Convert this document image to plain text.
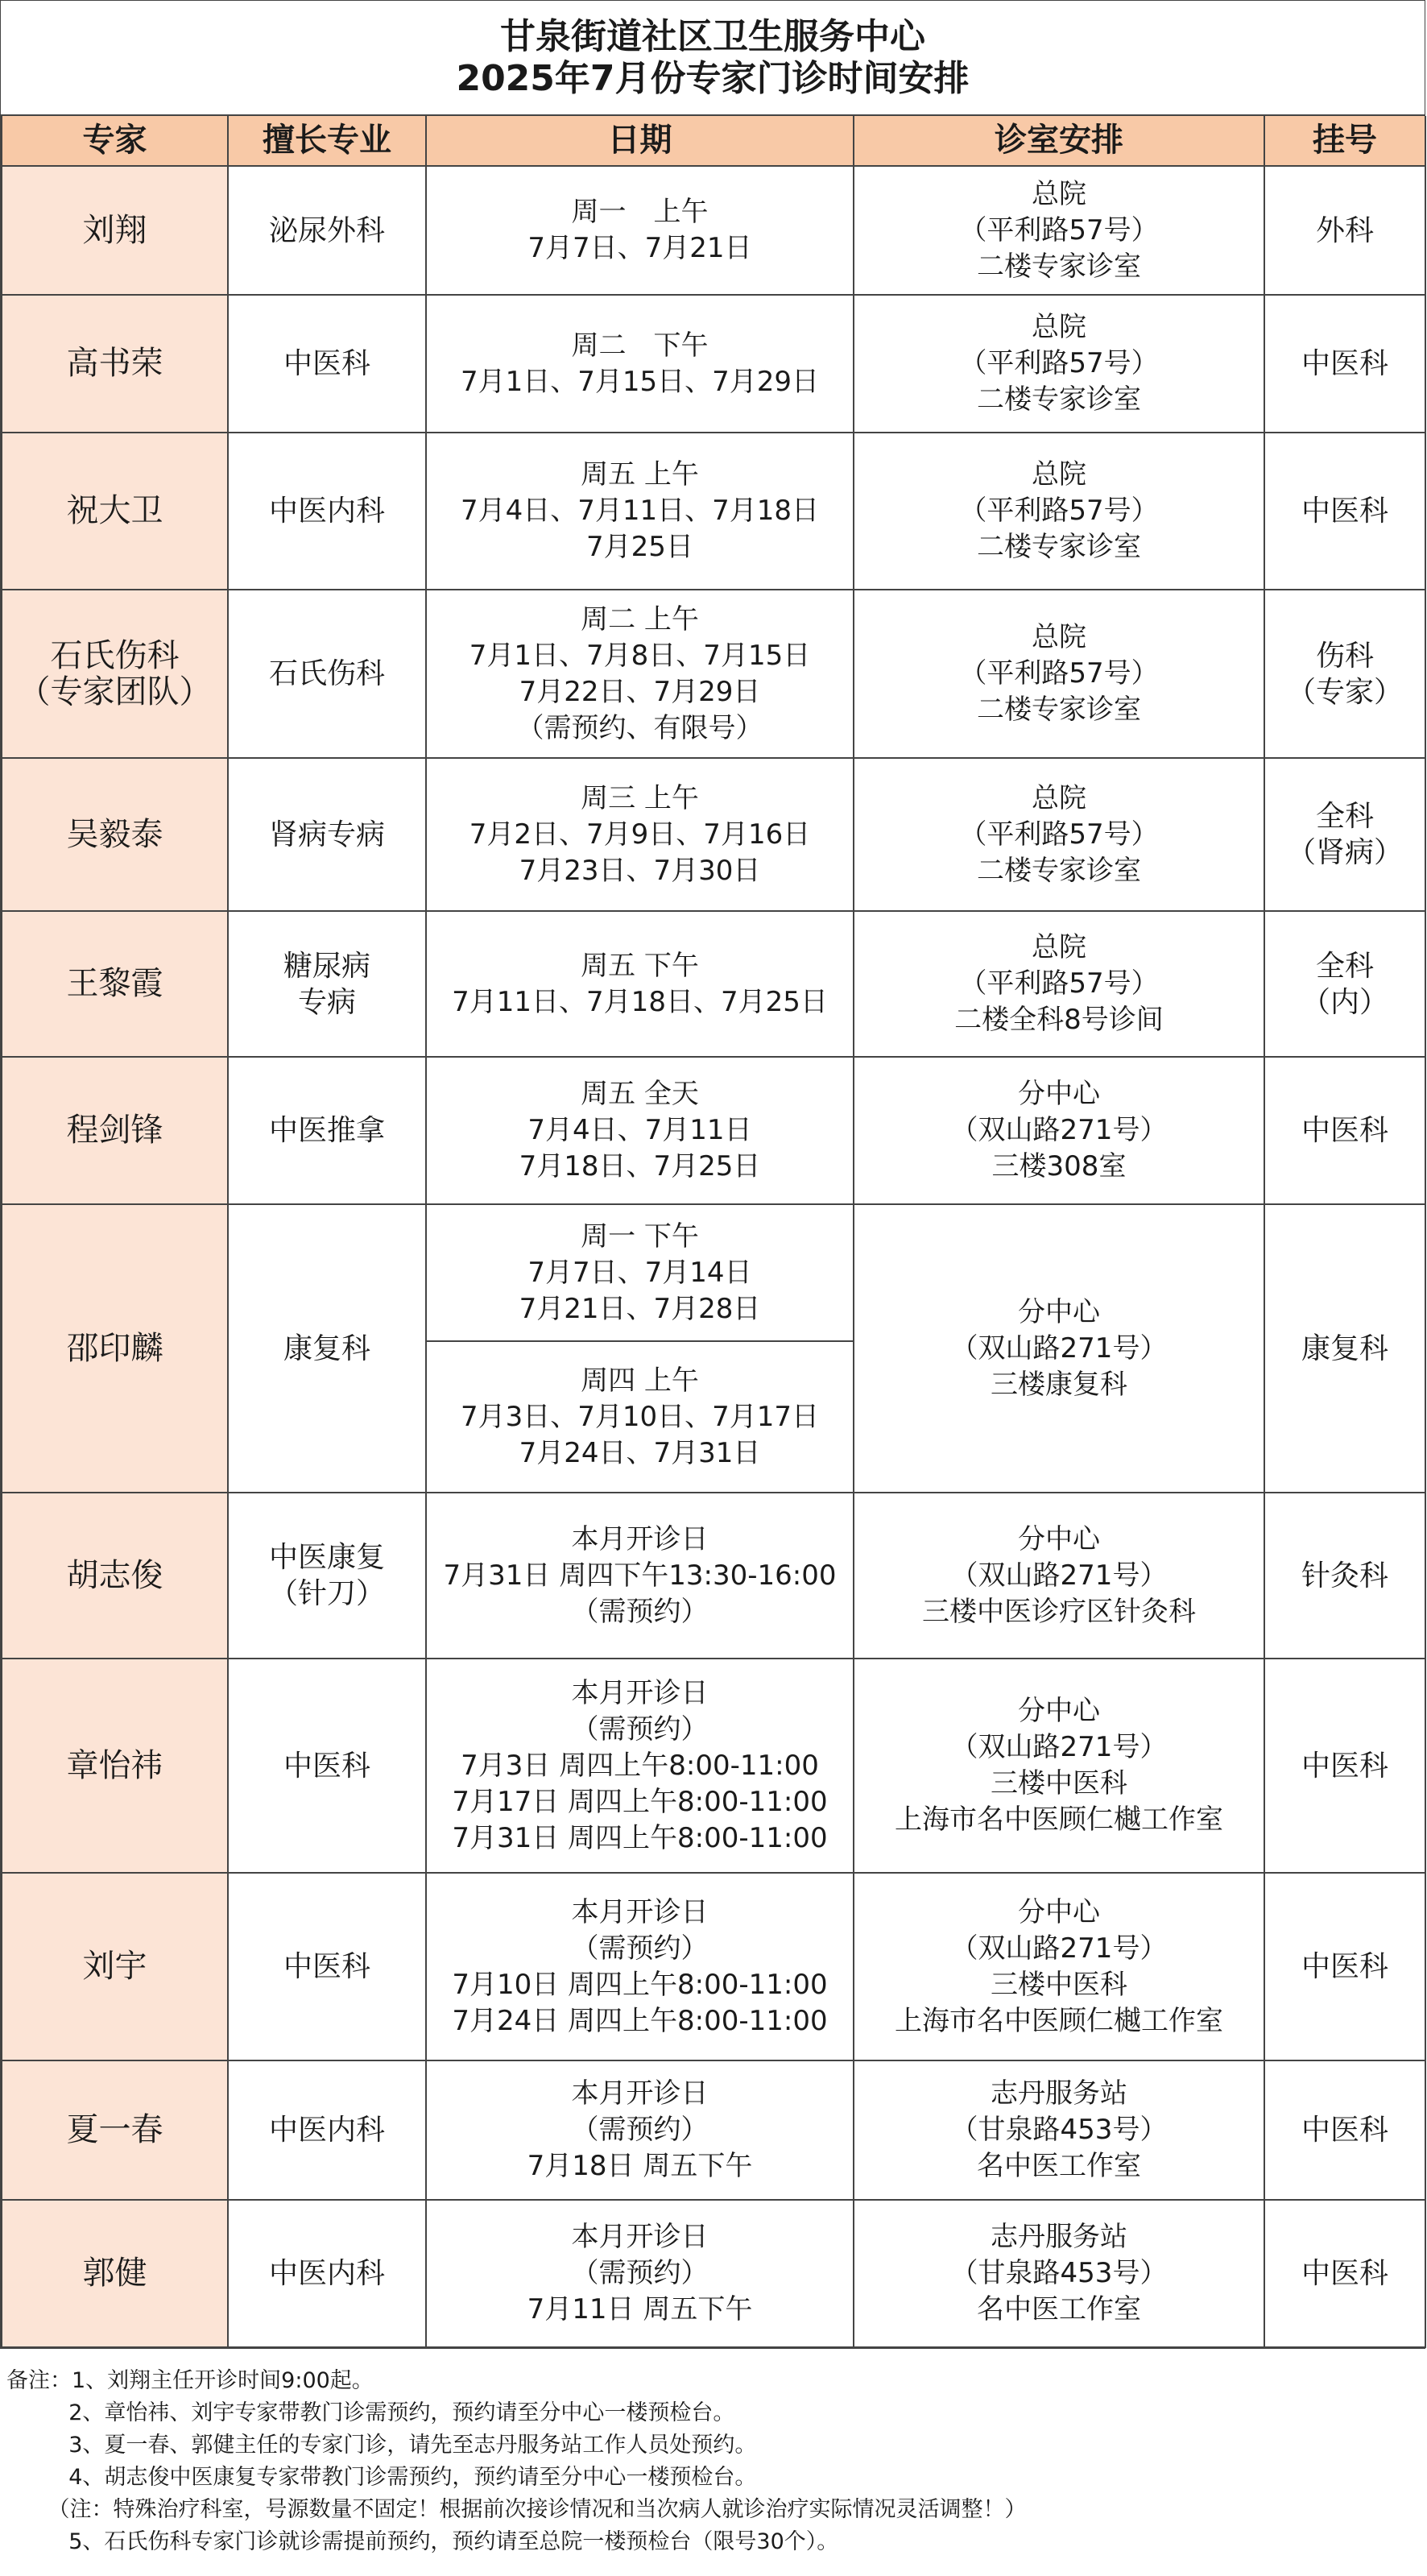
甘泉街道社区卫生服务中心
2025年7月份专家门诊时间安排
专家	擅长专业	日期	诊室安排	挂号
刘翔	泌尿外科	周一　上午
7月7日、7月21日	总院
（平利路57号）
二楼专家诊室	外科
高书荣	中医科	周二　下午
7月1日、7月15日、7月29日	总院
（平利路57号）
二楼专家诊室	中医科
祝大卫	中医内科	周五 上午
7月4日、7月11日、7月18日
7月25日	总院
（平利路57号）
二楼专家诊室	中医科
石氏伤科
（专家团队）	石氏伤科	周二 上午
7月1日、7月8日、7月15日
7月22日、7月29日
（需预约、有限号）	总院
（平利路57号）
二楼专家诊室	伤科
（专家）
吴毅泰	肾病专病	周三 上午
7月2日、7月9日、7月16日
7月23日、7月30日	总院
（平利路57号）
二楼专家诊室	全科
（肾病）
王黎霞	糖尿病
专病	周五 下午
7月11日、7月18日、7月25日	总院
（平利路57号）
二楼全科8号诊间	全科
（内）
程剑锋	中医推拿	周五 全天
7月4日、7月11日
7月18日、7月25日	分中心
（双山路271号）
三楼308室	中医科
邵印麟	康复科	周一 下午
7月7日、7月14日
7月21日、7月28日	分中心
（双山路271号）
三楼康复科	康复科
		周四 上午
7月3日、7月10日、7月17日
7月24日、7月31日		
胡志俊	中医康复
（针刀）	本月开诊日
7月31日 周四下午13:30-16:00
（需预约）	分中心
（双山路271号）
三楼中医诊疗区针灸科	针灸科
章怡祎	中医科	本月开诊日
（需预约）
7月3日 周四上午8:00-11:00
7月17日 周四上午8:00-11:00
7月31日 周四上午8:00-11:00	分中心
（双山路271号）
三楼中医科
上海市名中医顾仁樾工作室	中医科
刘宇	中医科	本月开诊日
（需预约）
7月10日 周四上午8:00-11:00
7月24日 周四上午8:00-11:00	分中心
（双山路271号）
三楼中医科
上海市名中医顾仁樾工作室	中医科
夏一春	中医内科	本月开诊日
（需预约）
7月18日 周五下午	志丹服务站
（甘泉路453号）
名中医工作室	中医科
郭健	中医内科	本月开诊日
（需预约）
7月11日 周五下午	志丹服务站
（甘泉路453号）
名中医工作室	中医科
备注：1、刘翔主任开诊时间9:00起。
2、章怡祎、刘宇专家带教门诊需预约，预约请至分中心一楼预检台。
3、夏一春、郭健主任的专家门诊，请先至志丹服务站工作人员处预约。
4、胡志俊中医康复专家带教门诊需预约，预约请至分中心一楼预检台。
（注：特殊治疗科室，号源数量不固定！根据前次接诊情况和当次病人就诊治疗实际情况灵活调整！）
5、石氏伤科专家门诊就诊需提前预约，预约请至总院一楼预检台（限号30个）。
